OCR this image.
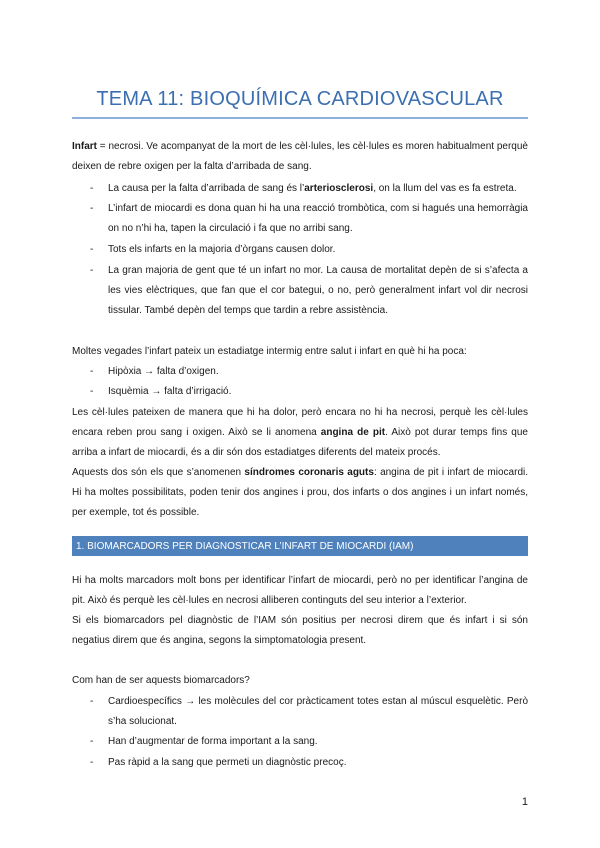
TEMA 11: BIOQUÍMICA CARDIOVASCULAR
Infart = necrosi. Ve acompanyat de la mort de les cèl·lules, les cèl·lules es moren habitualment perquè deixen de rebre oxigen per la falta d’arribada de sang.
- La causa per la falta d’arribada de sang és l’arteriosclerosi, on la llum del vas es fa estreta.
- L’infart de miocardi es dona quan hi ha una reacció trombòtica, com si hagués una hemorràgia on no n’hi ha, tapen la circulació i fa que no arribi sang.
- Tots els infarts en la majoria d’òrgans causen dolor.
- La gran majoria de gent que té un infart no mor. La causa de mortalitat depèn de si s’afecta a les vies elèctriques, que fan que el cor bategui, o no, però generalment infart vol dir necrosi tissular. També depèn del temps que tardin a rebre assistència.
Moltes vegades l’infart pateix un estadiatge intermig entre salut i infart en què hi ha poca:
- Hipòxia → falta d’oxigen.
- Isquèmia → falta d’irrigació.
Les cèl·lules pateixen de manera que hi ha dolor, però encara no hi ha necrosi, perquè les cèl·lules encara reben prou sang i oxigen. Això se li anomena angina de pit. Això pot durar temps fins que arriba a infart de miocardi, és a dir són dos estadiatges diferents del mateix procés.
Aquests dos són els que s’anomenen síndromes coronaris aguts: angina de pit i infart de miocardi. Hi ha moltes possibilitats, poden tenir dos angines i prou, dos infarts o dos angines i un infart només, per exemple, tot és possible.
1. BIOMARCADORS PER DIAGNOSTICAR L’INFART DE MIOCARDI (IAM)
Hi ha molts marcadors molt bons per identificar l’infart de miocardi, però no per identificar l’angina de pit. Això és perquè les cèl·lules en necrosi alliberen continguts del seu interior a l’exterior.
Si els biomarcadors pel diagnòstic de l’IAM són positius per necrosi direm que és infart i si són negatius direm que és angina, segons la simptomatologia present.
Com han de ser aquests biomarcadors?
- Cardioespecífics → les molècules del cor pràcticament totes estan al múscul esquelètic. Però s’ha solucionat.
- Han d’augmentar de forma important a la sang.
- Pas ràpid a la sang que permeti un diagnòstic precoç.
1
